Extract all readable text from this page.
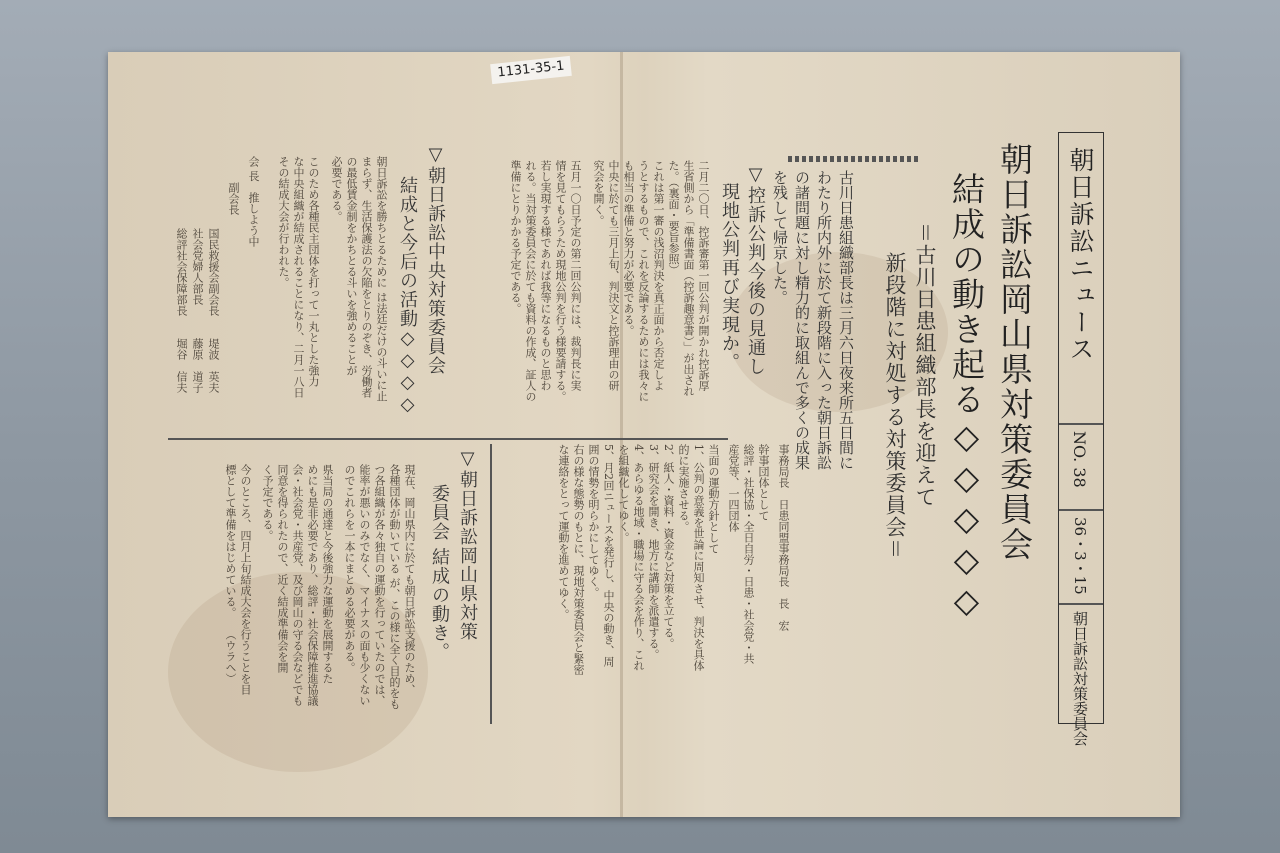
朝日訴訟ニュース
NO. 38
36・3・15
朝日訴訟対策委員会
朝日訴訟岡山県対策委員会
結成の動き起る◇◇◇◇◇
＝古川日患組織部長を迎えて
新段階に対処する対策委員会＝
古川日患組織部長は三月六日夜来所五日間に
わたり所内外に於て新段階に入った朝日訴訟
の諸問題に対し精力的に取組んで多くの成果
を残して帰京した。
▽控訴公判今後の見通し
現地公判再び実現か。
二月二〇日、控訴審第一回公判が開かれ控訴厚
生省側から「準備書面（控訴趣意書）」が出され
た。（裏面・要旨参照）
これは第一審の浅沼判決を真正面から否定しよ
うとするもので、これを反論するためには我々に
も相当の準備と努力が必要である。
中央に於ても三月上旬、判決文と控訴理由の研
究会を開く。
五月一〇日予定の第二回公判には、裁判長に実
情を見てもらうため現地公判を行う様要請する。
若し実現する様であれば我等になるものと思わ
れる。当対策委員会に於ても資料の作成、証人の
準備にとりかかる予定である。
▽朝日訴訟中央対策委員会
結成と今后の活動◇◇◇◇
朝日訴訟を勝ちとるために は法廷だけの斗いに止
まらず、生活保護法の欠陥をとりのぞき、労働者
の最低賃金制をかちとる斗いを強めることが
必要である。
このため各種民主団体を打って一丸とした強力
な中央組織が結成されることになり、二月一八日
その結成大会が行われた。
会 長
推しよう中
副会長
国民救援会副会長　　堤波　英夫
社会党婦人部長　　　藤原　道子
総評社会保障部長　　堀谷　信夫
事務局長　日患同盟事務局長　長　宏
幹事団体として
総評・社保協・全日自労・日患・社会党・共
産党等、一四団体
当面の運動方針として
1、公判の意義を世論に周知させ、判決を具体
的に実施させる。
2、紙人・資料・資金など対策を立てる。
3、研究会を開き、地方に講師を派遣する。
4、あらゆる地域・職場に守る会を作り、これ
を組織化してゆく。
5、月2回ニュースを発行し、中央の動き、周
囲の情勢を明らかにしてゆく。
右の様な態勢のもとに、現地対策委員会と緊密
な連絡をとって運動を進めてゆく。
▽朝日訴訟岡山県対策
委員会 結成の動き。
現在、岡山県内に於ても朝日訴訟支援のため、
各種団体が動いている が、この様に全く目的をも
つ各組織が各々独自の運動を行っていたのでは、
能率が悪いのみでなく、マイナスの面も少くない
のでこれらを一本にまとめる必要がある。
県当局の通達と今後強力な運動を展開するた
めにも是非必要であり、総評・社会保障推進協議
会・社会党・共産党、及び岡山の守る会などでも
同意を得られたので、近く結成準備会を開
く予定である。
今のところ、四月上旬結成大会を行うことを目
標として準備をはじめている。　　（ウラヘ）
1131-35-1
